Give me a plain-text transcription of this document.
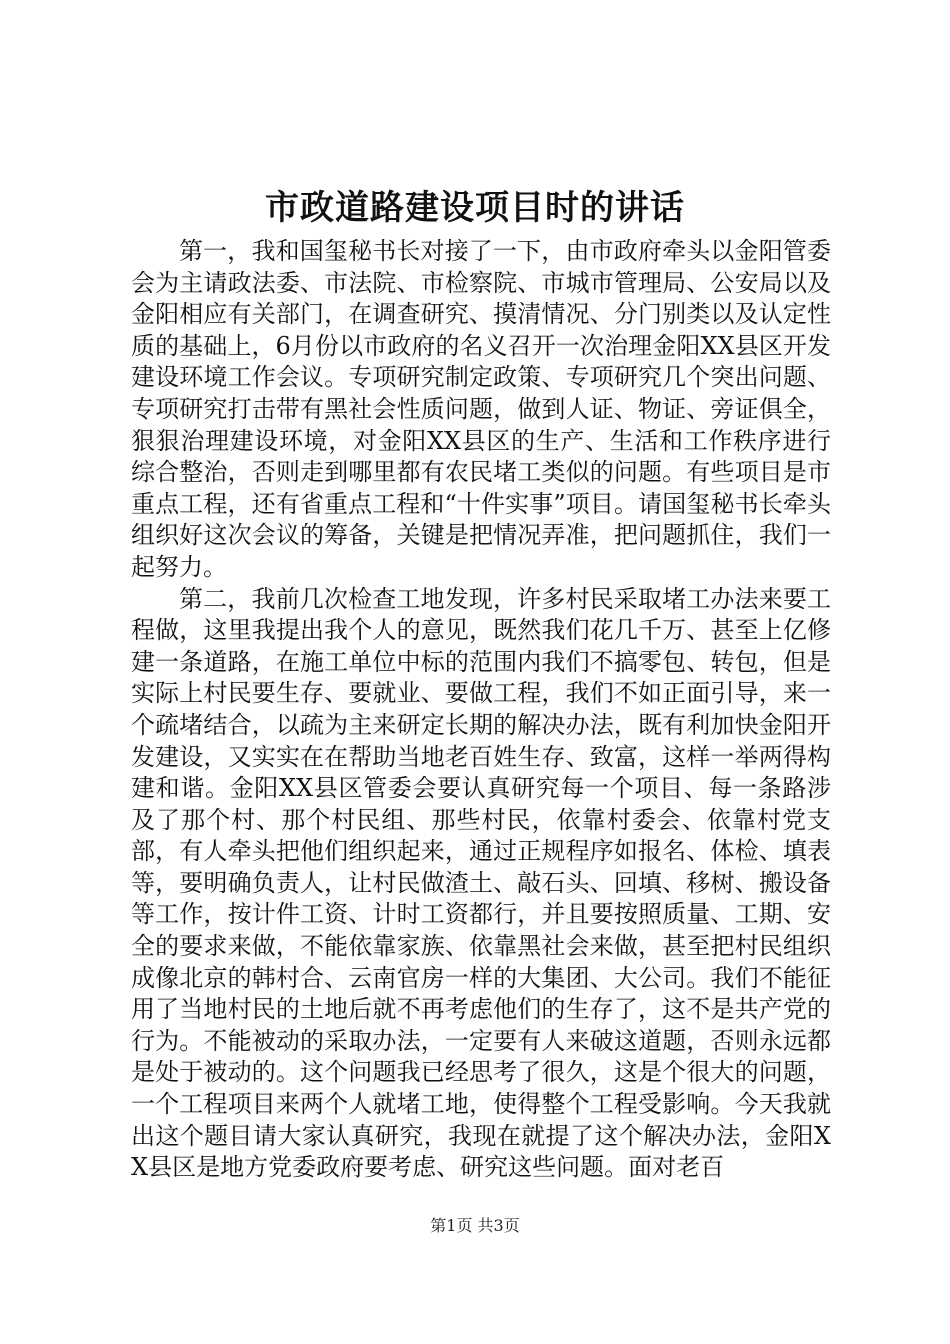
市政道路建设项目时的讲话

第一，我和国玺秘书长对接了一下，由市政府牵头以金阳管委会为主请政法委、市法院、市检察院、市城市管理局、公安局以及金阳相应有关部门，在调查研究、摸清情况、分门别类以及认定性质的基础上，6月份以市政府的名义召开一次治理金阳XX县区开发建设环境工作会议。专项研究制定政策、专项研究几个突出问题、专项研究打击带有黑社会性质问题，做到人证、物证、旁证俱全，狠狠治理建设环境，对金阳XX县区的生产、生活和工作秩序进行综合整治，否则走到哪里都有农民堵工类似的问题。有些项目是市重点工程，还有省重点工程和“十件实事”项目。请国玺秘书长牵头组织好这次会议的筹备，关键是把情况弄准，把问题抓住，我们一起努力。

第二，我前几次检查工地发现，许多村民采取堵工办法来要工程做，这里我提出我个人的意见，既然我们花几千万、甚至上亿修建一条道路，在施工单位中标的范围内我们不搞零包、转包，但是实际上村民要生存、要就业、要做工程，我们不如正面引导，来一个疏堵结合，以疏为主来研定长期的解决办法，既有利加快金阳开发建设，又实实在在帮助当地老百姓生存、致富，这样一举两得构建和谐。金阳XX县区管委会要认真研究每一个项目、每一条路涉及了那个村、那个村民组、那些村民，依靠村委会、依靠村党支部，有人牵头把他们组织起来，通过正规程序如报名、体检、填表等，要明确负责人，让村民做渣土、敲石头、回填、移树、搬设备等工作，按计件工资、计时工资都行，并且要按照质量、工期、安全的要求来做，不能依靠家族、依靠黑社会来做，甚至把村民组织成像北京的韩村合、云南官房一样的大集团、大公司。我们不能征用了当地村民的土地后就不再考虑他们的生存了，这不是共产党的行为。不能被动的采取办法，一定要有人来破这道题，否则永远都是处于被动的。这个问题我已经思考了很久，这是个很大的问题，一个工程项目来两个人就堵工地，使得整个工程受影响。今天我就出这个题目请大家认真研究，我现在就提了这个解决办法，金阳XX县区是地方党委政府要考虑、研究这些问题。面对老百

第1页 共3页
